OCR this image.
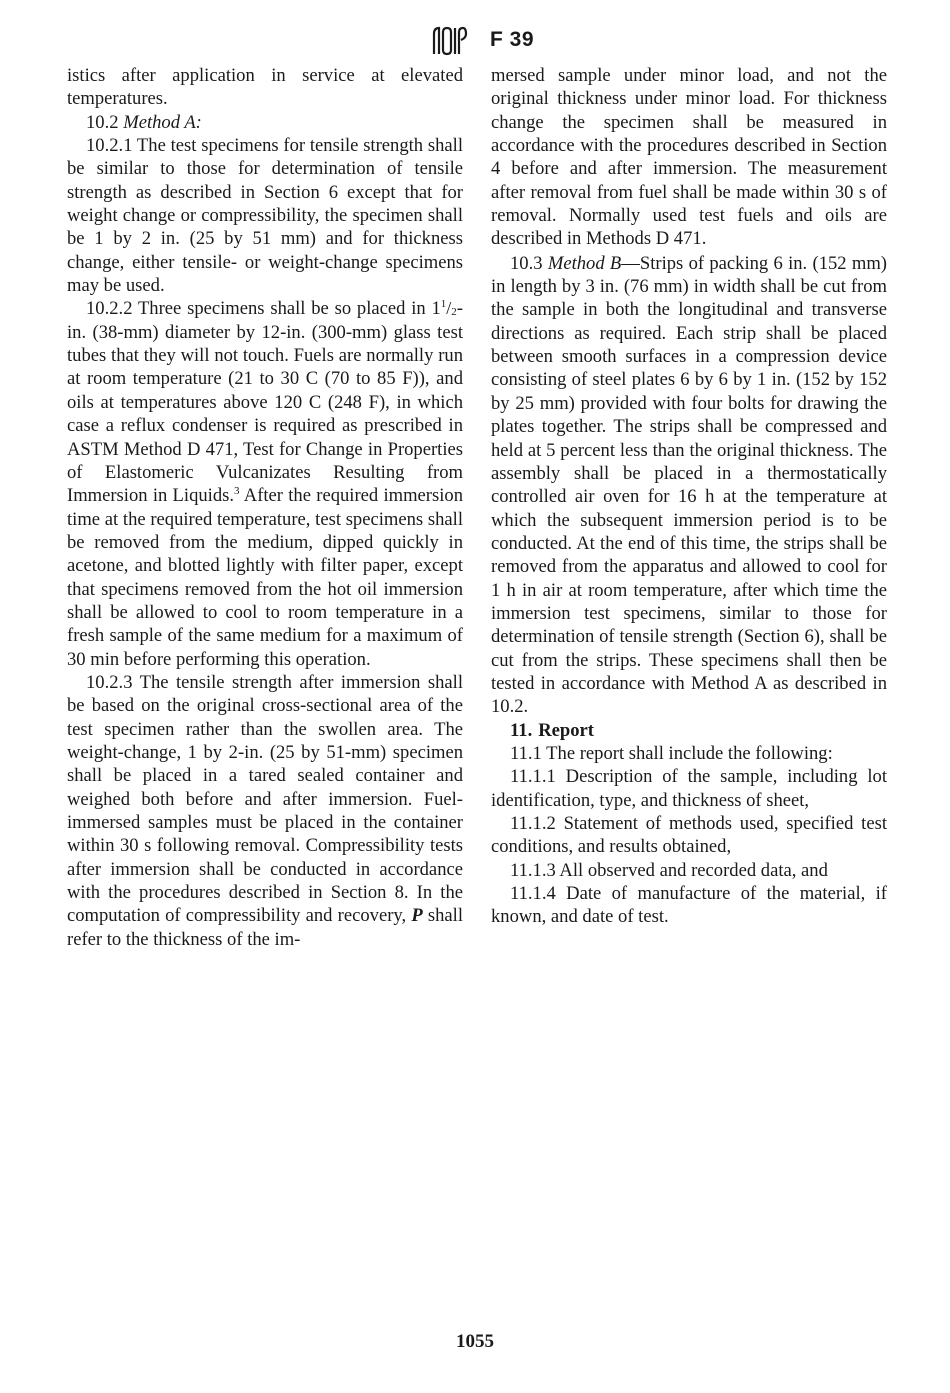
F 39

istics after application in service at elevated temperatures.

10.2 Method A:

10.2.1 The test specimens for tensile strength shall be similar to those for determination of tensile strength as described in Section 6 except that for weight change or compressibility, the specimen shall be 1 by 2 in. (25 by 51 mm) and for thickness change, either tensile- or weight-change specimens may be used.

10.2.2 Three specimens shall be so placed in $1^1/_2-in$. (38-mm) diameter by 12-in. (300-mm) glass test tubes that they will not touch. Fuels are normally run at room temperature (21 to 30 C (70 to 85 F)), and oils at temperatures above 120 C (248 F), in which case a reflux condenser is required as prescribed in ASTM Method D 471, Test for Change in Properties of Elastomeric Vulcanizates Resulting from Immersion in Liquids.$^3$ After the required immersion time at the required temperature, test specimens shall be removed from the medium, dipped quickly in acetone, and blotted lightly with filter paper, except that specimens removed from the hot oil immersion shall be allowed to cool to room temperature in a fresh sample of the same medium for a maximum of 30 min before performing this operation.

10.2.3 The tensile strength after immersion shall be based on the original cross-sectional area of the test specimen rather than the swollen area. The weight-change, 1 by 2-in. (25 by 51-mm) specimen shall be placed in a tared sealed container and weighed both before and after immersion. Fuel-immersed samples must be placed in the container within 30 s following removal. Compressibility tests after immersion shall be conducted in accordance with the procedures described in Section 8. In the computation of compressibility and recovery, P shall refer to the thickness of the im-

mersed sample under minor load, and not the original thickness under minor load. For thickness change the specimen shall be measured in accordance with the procedures described in Section 4 before and after immersion. The measurement after removal from fuel shall be made within 30 s of removal. Normally used test fuels and oils are described in Methods D 471.

10.3 Method B—Strips of packing 6 in. (152 mm) in length by 3 in. (76 mm) in width shall be cut from the sample in both the longitudinal and transverse directions as required. Each strip shall be placed between smooth surfaces in a compression device consisting of steel plates 6 by 6 by 1 in. (152 by 152 by 25 mm) provided with four bolts for drawing the plates together. The strips shall be compressed and held at 5 percent less than the original thickness. The assembly shall be placed in a thermostatically controlled air oven for 16 h at the temperature at which the subsequent immersion period is to be conducted. At the end of this time, the strips shall be removed from the apparatus and allowed to cool for 1 h in air at room temperature, after which time the immersion test specimens, similar to those for determination of tensile strength (Section 6), shall be cut from the strips. These specimens shall then be tested in accordance with Method A as described in 10.2.

11. Report

11.1 The report shall include the following:

11.1.1 Description of the sample, including lot identification, type, and thickness of sheet,

11.1.2 Statement of methods used, specified test conditions, and results obtained,

11.1.3 All observed and recorded data, and

11.1.4 Date of manufacture of the material, if known, and date of test.

1055
